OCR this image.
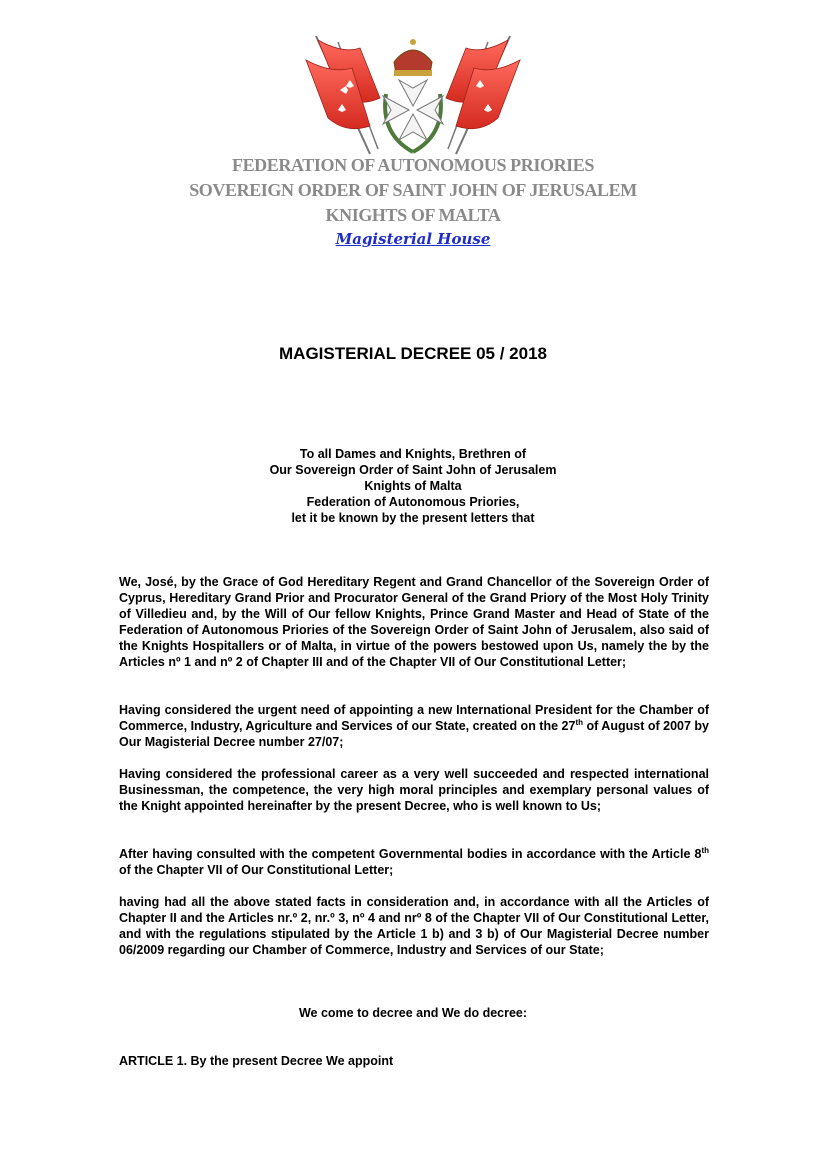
FEDERATION OF AUTONOMOUS PRIORIES
SOVEREIGN ORDER OF SAINT JOHN OF JERUSALEM
KNIGHTS OF MALTA
Magisterial House
MAGISTERIAL DECREE 05 / 2018
To all Dames and Knights, Brethren of
Our Sovereign Order of Saint John of Jerusalem
Knights of Malta
Federation of Autonomous Priories,
let it be known by the present letters that
We, José, by the Grace of God Hereditary Regent and Grand Chancellor of the Sovereign Order of Cyprus, Hereditary Grand Prior and Procurator General of the Grand Priory of the Most Holy Trinity of Villedieu and, by the Will of Our fellow Knights, Prince Grand Master and Head of State of the Federation of Autonomous Priories of the Sovereign Order of Saint John of Jerusalem, also said of the Knights Hospitallers or of Malta, in virtue of the powers bestowed upon Us, namely the by the Articles nº 1 and nº 2 of Chapter III and of the Chapter VII of Our Constitutional Letter;
Having considered the urgent need of appointing a new International President for the Chamber of Commerce, Industry, Agriculture and Services of our State, created on the 27th of August of 2007 by Our Magisterial Decree number 27/07;
Having considered the professional career as a very well succeeded and respected international Businessman, the competence, the very high moral principles and exemplary personal values of the Knight appointed hereinafter by the present Decree, who is well known to Us;
After having consulted with the competent Governmental bodies in accordance with the Article 8th of the Chapter VII of Our Constitutional Letter;
having had all the above stated facts in consideration and, in accordance with all the Articles of Chapter II and the Articles nr.º 2, nr.º 3, nº 4 and nrº 8 of the Chapter VII of Our Constitutional Letter, and with the regulations stipulated by the Article 1 b) and 3 b) of Our Magisterial Decree number 06/2009 regarding our Chamber of Commerce, Industry and Services of our State;
We come to decree and We do decree:
ARTICLE 1. By the present Decree We appoint
